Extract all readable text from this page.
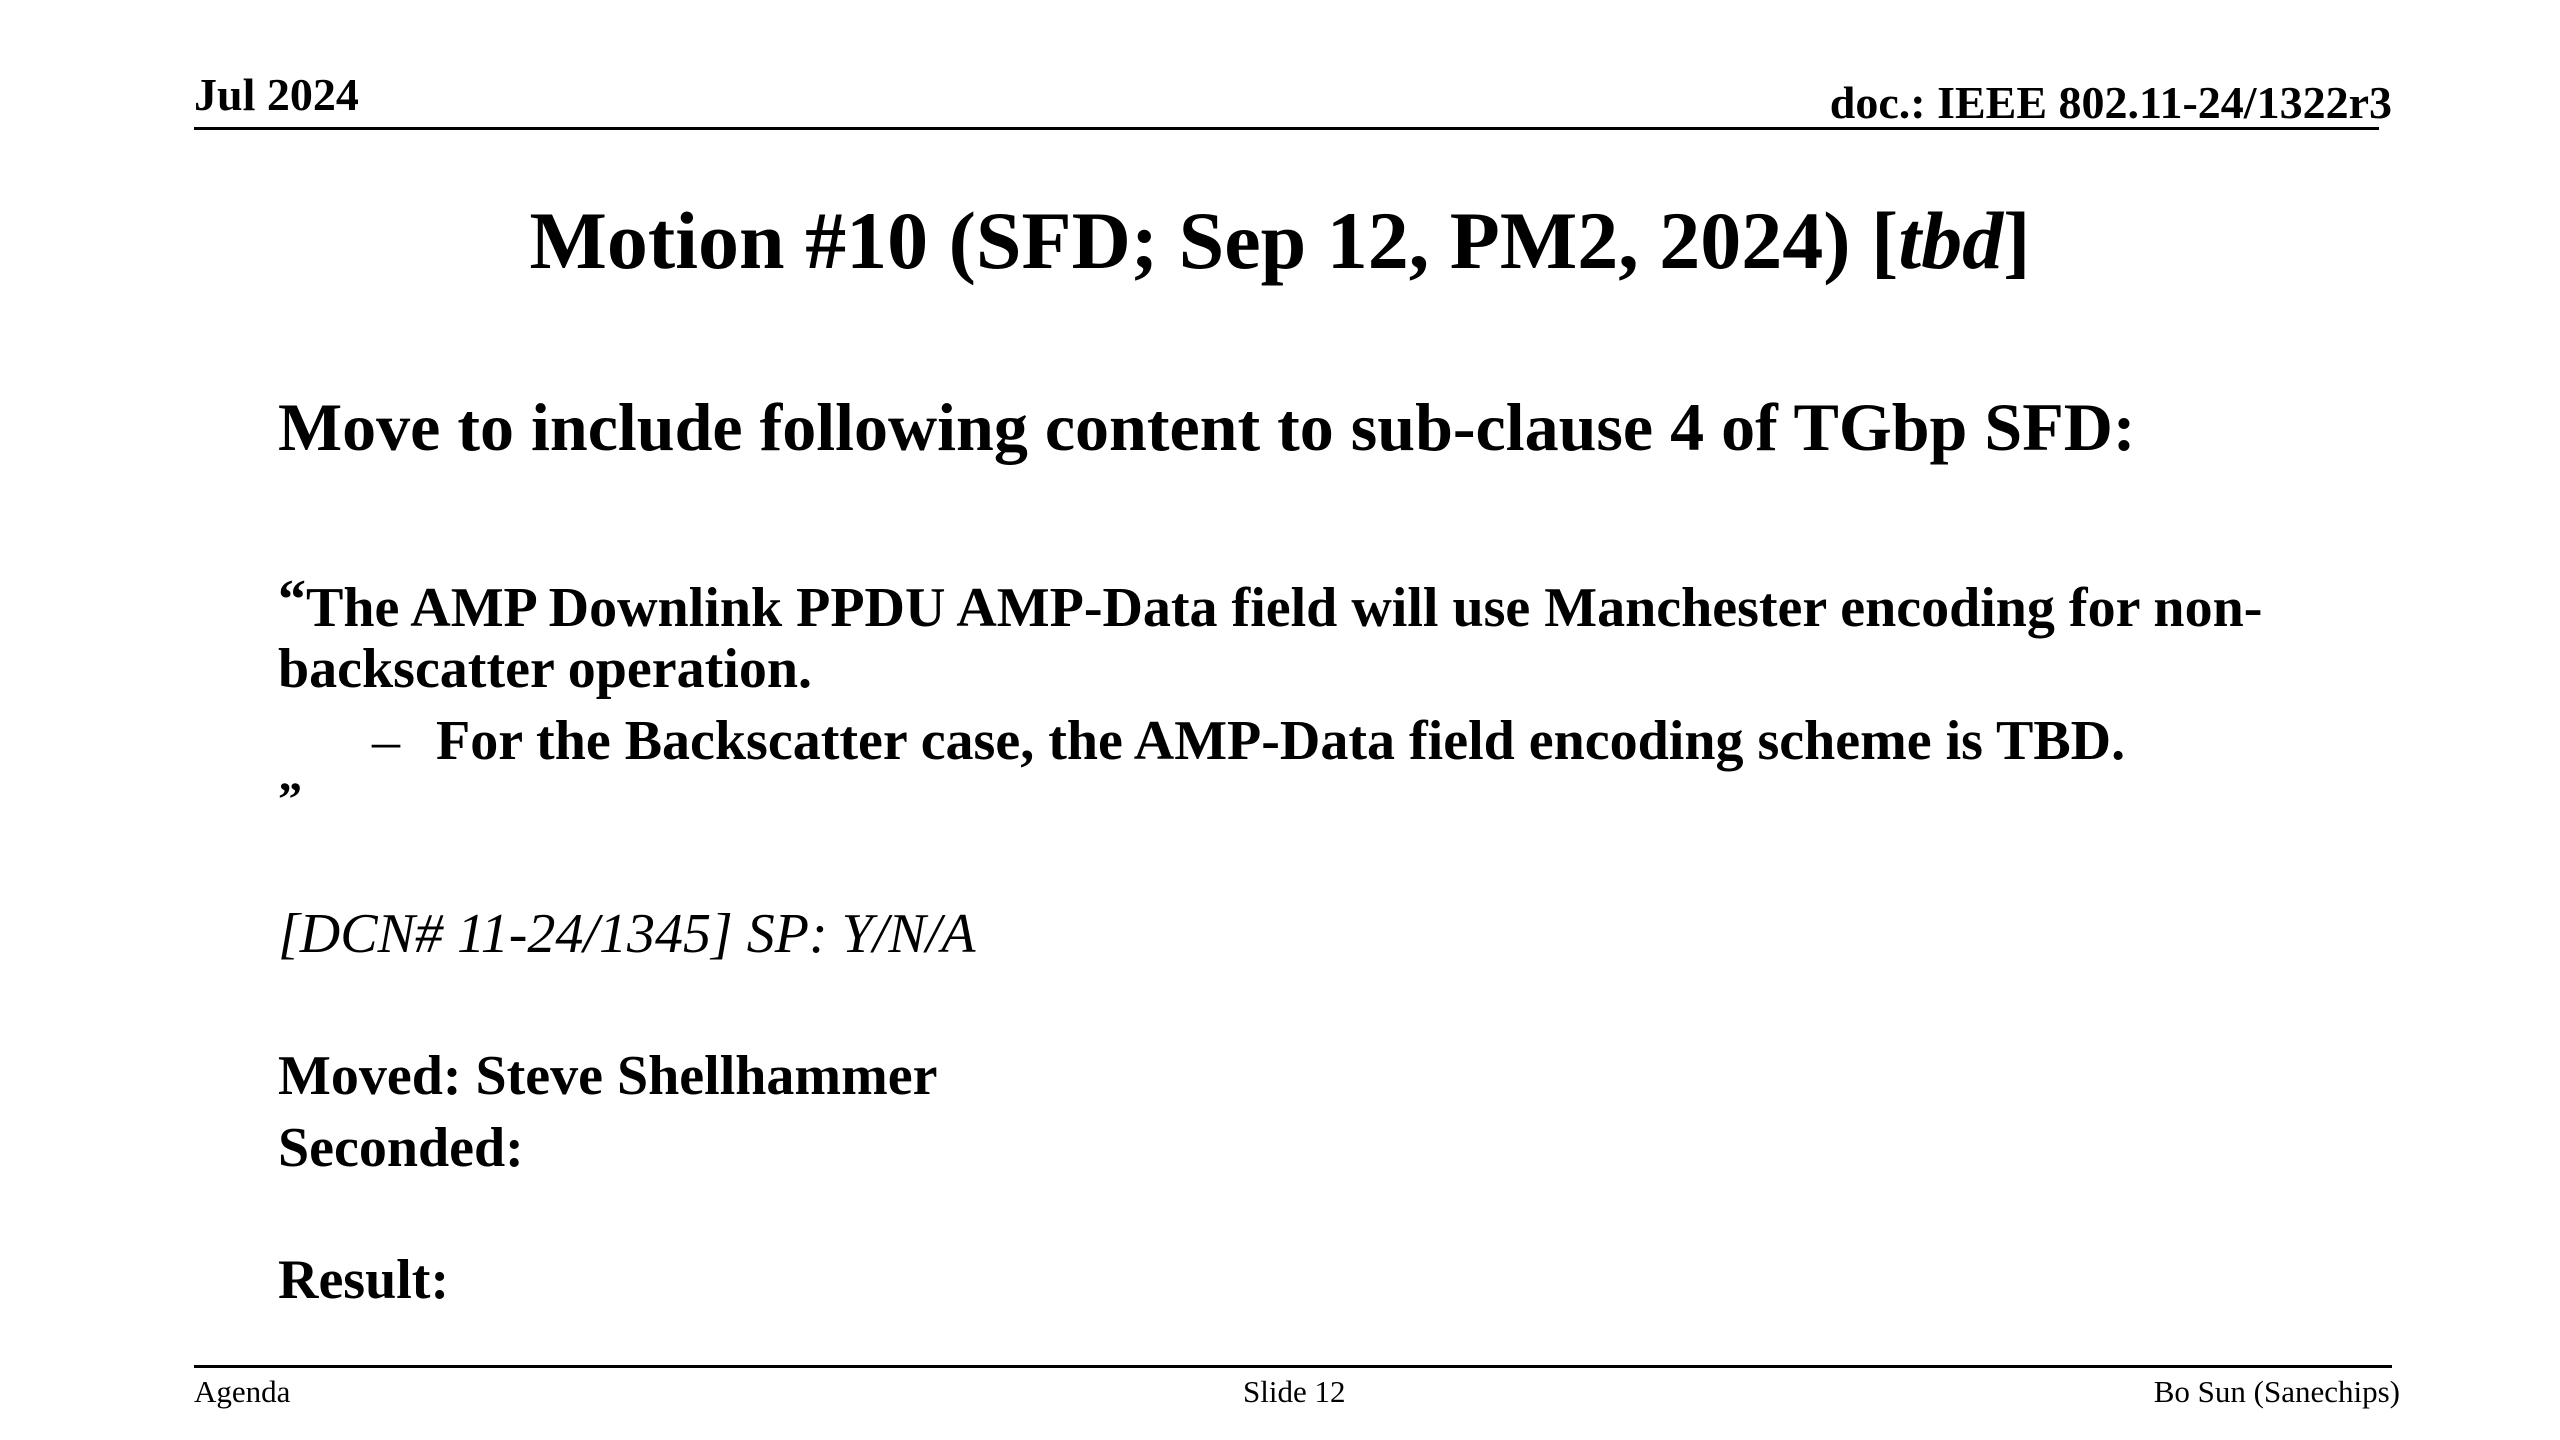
Jul 2024	doc.: IEEE 802.11-24/1322r3
Motion #10 (SFD; Sep 12, PM2, 2024) [tbd]
Move to include following content to sub-clause 4 of TGbp SFD:
“The AMP Downlink PPDU AMP-Data field will use Manchester encoding for non-backscatter operation.
– For the Backscatter case, the AMP-Data field encoding scheme is TBD.
”
[DCN# 11-24/1345] SP: Y/N/A
Moved: Steve Shellhammer
Seconded:
Result:
Agenda	Slide 12	Bo Sun (Sanechips)
